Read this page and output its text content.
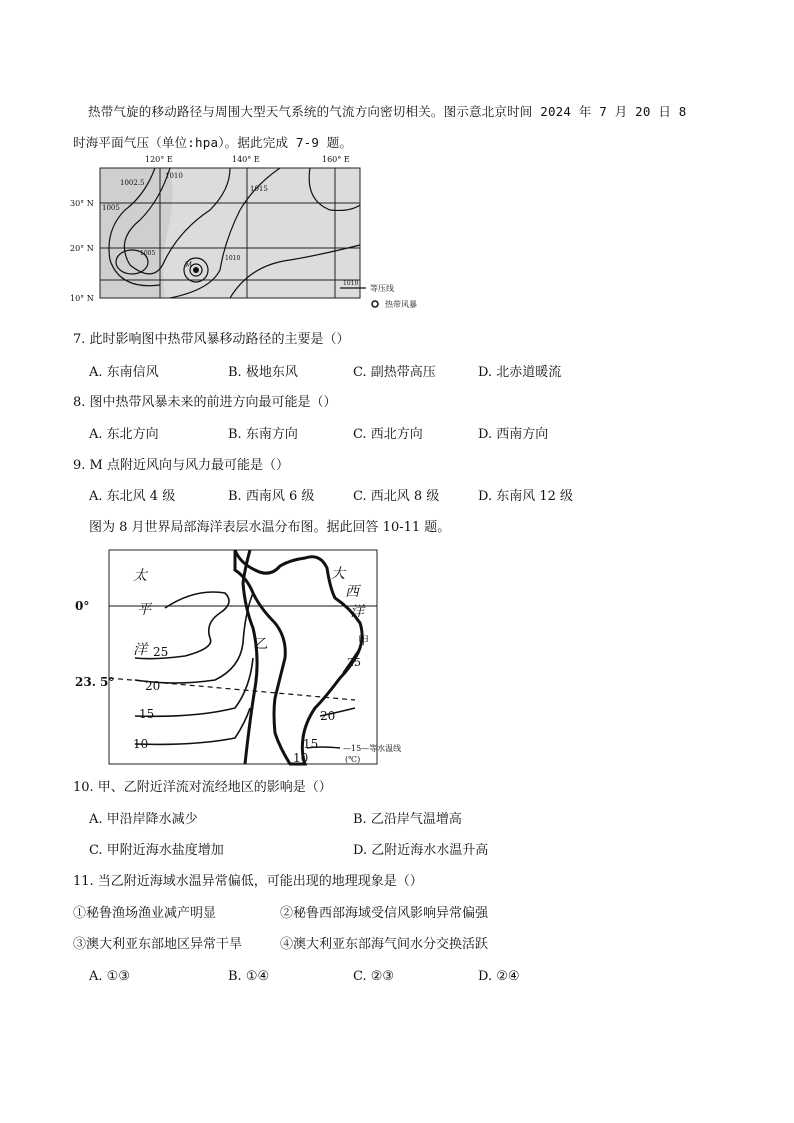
热带气旋的移动路径与周围大型天气系统的气流方向密切相关。图示意北京时间 2024 年 7 月 20 日 8
时海平面气压（单位:hpa）。据此完成 7-9 题。
1015
1002.5
1005
1010
1005
1010
M
120° E	140° E	160° E
30° N
20° N
10° N
1010
等压线
热带风暴
7. 此时影响图中热带风暴移动路径的主要是（）
A. 东南信风	B. 极地东风	C. 副热带高压	D. 北赤道暖流
8. 图中热带风暴未来的前进方向最可能是（）
A. 东北方向	B. 东南方向	C. 西北方向	D. 西南方向
9. M 点附近风向与风力最可能是（）
A. 东北风 4 级	B. 西南风 6 级	C. 西北风 8 级	D. 东南风 12 级
图为 8 月世界局部海洋表层水温分布图。据此回答 10-11 题。
0°
23. 5°
太
平
洋
大
西
洋
乙	甲
25
20
15
10
25
20
15
10
—15—等水温线
(℃)
10. 甲、乙附近洋流对流经地区的影响是（）
A. 甲沿岸降水减少	B. 乙沿岸气温增高
C. 甲附近海水盐度增加	D. 乙附近海水水温升高
11. 当乙附近海域水温异常偏低，可能出现的地理现象是（）
①秘鲁渔场渔业减产明显	②秘鲁西部海域受信风影响异常偏强
③澳大利亚东部地区异常干旱	④澳大利亚东部海气间水分交换活跃
A. ①③	B. ①④	C. ②③	D. ②④
